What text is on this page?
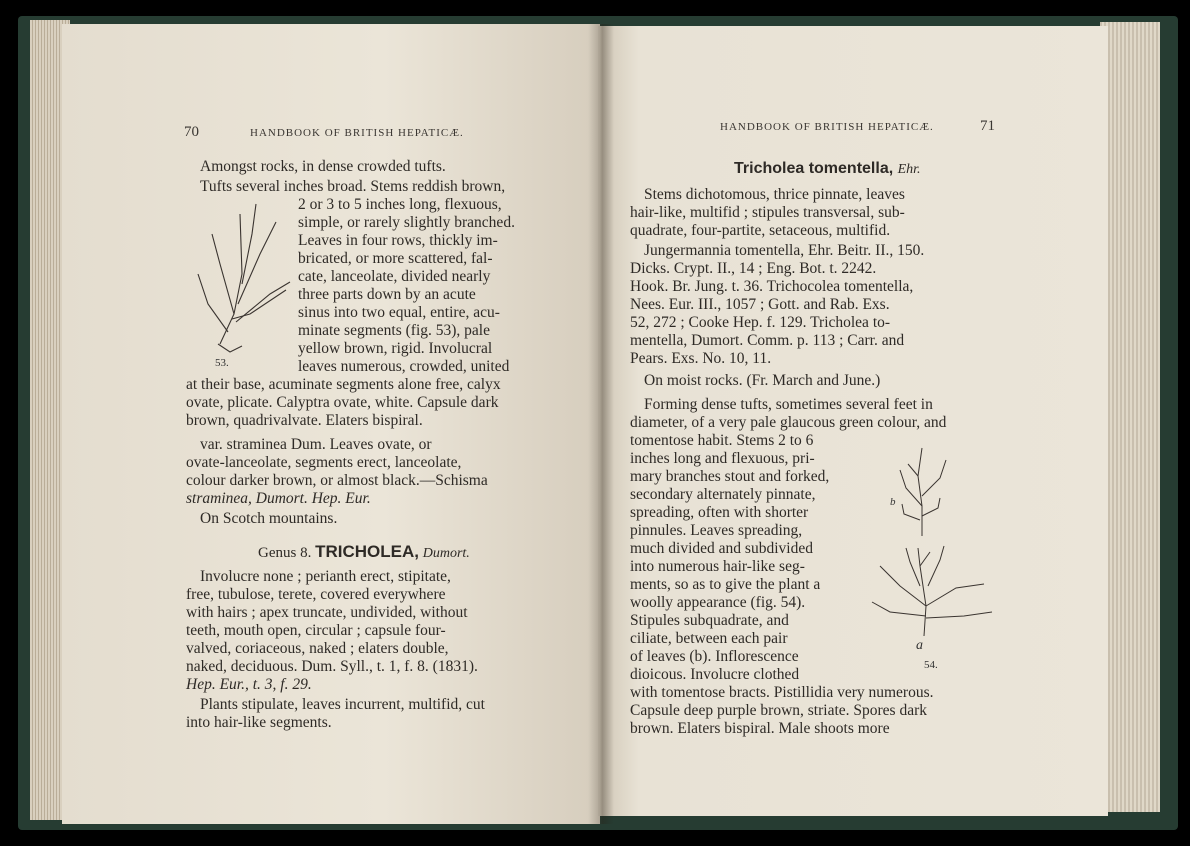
70	HANDBOOK OF BRITISH HEPATICÆ.
Amongst rocks, in dense crowded tufts.
Tufts several inches broad. Stems reddish brown,
2 or 3 to 5 inches long, flexuous,
simple, or rarely slightly branched.
Leaves in four rows, thickly im-
bricated, or more scattered, fal-
cate, lanceolate, divided nearly
three parts down by an acute
sinus into two equal, entire, acu-
minate segments (fig. 53), pale
yellow brown, rigid. Involucral
leaves numerous, crowded, united
at their base, acuminate segments alone free, calyx
ovate, plicate. Calyptra ovate, white. Capsule dark
brown, quadrivalvate. Elaters bispiral.
53.
var. straminea Dum. Leaves ovate, or
ovate-lanceolate, segments erect, lanceolate,
colour darker brown, or almost black.—Schisma
straminea, Dumort. Hep. Eur.
On Scotch mountains.
Genus 8. TRICHOLEA, Dumort.
Involucre none ; perianth erect, stipitate,
free, tubulose, terete, covered everywhere
with hairs ; apex truncate, undivided, without
teeth, mouth open, circular ; capsule four-
valved, coriaceous, naked ; elaters double,
naked, deciduous. Dum. Syll., t. 1, f. 8. (1831).
Hep. Eur., t. 3, f. 29.
Plants stipulate, leaves incurrent, multifid, cut
into hair-like segments.
HANDBOOK OF BRITISH HEPATICÆ.	71
Tricholea tomentella, Ehr.
Stems dichotomous, thrice pinnate, leaves
hair-like, multifid ; stipules transversal, sub-
quadrate, four-partite, setaceous, multifid.
Jungermannia tomentella, Ehr. Beitr. II., 150.
Dicks. Crypt. II., 14 ; Eng. Bot. t. 2242.
Hook. Br. Jung. t. 36. Trichocolea tomentella,
Nees. Eur. III., 1057 ; Gott. and Rab. Exs.
52, 272 ; Cooke Hep. f. 129. Tricholea to-
mentella, Dumort. Comm. p. 113 ; Carr. and
Pears. Exs. No. 10, 11.
On moist rocks. (Fr. March and June.)
Forming dense tufts, sometimes several feet in
diameter, of a very pale glaucous green colour, and
tomentose habit. Stems 2 to 6
inches long and flexuous, pri-
mary branches stout and forked,
secondary alternately pinnate,
spreading, often with shorter
pinnules. Leaves spreading,
much divided and subdivided
into numerous hair-like seg-
ments, so as to give the plant a
woolly appearance (fig. 54).
Stipules subquadrate, and
ciliate, between each pair
of leaves (b). Inflorescence
dioicous. Involucre clothed
with tomentose bracts. Pistillidia very numerous.
Capsule deep purple brown, striate. Spores dark
brown. Elaters bispiral. Male shoots more
b
a
54.
